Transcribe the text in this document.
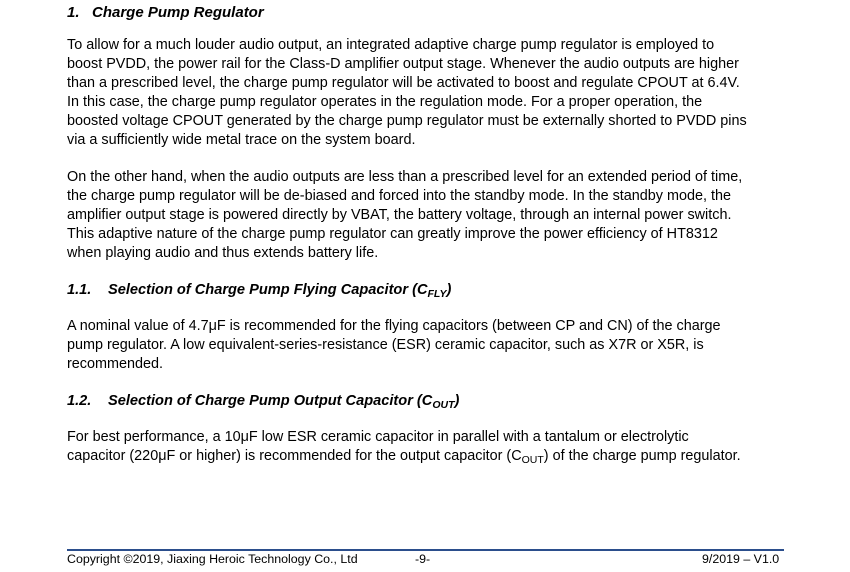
1. Charge Pump Regulator
To allow for a much louder audio output, an integrated adaptive charge pump regulator is employed to
boost PVDD, the power rail for the Class-D amplifier output stage. Whenever the audio outputs are higher
than a prescribed level, the charge pump regulator will be activated to boost and regulate CPOUT at 6.4V.
In this case, the charge pump regulator operates in the regulation mode. For a proper operation, the
boosted voltage CPOUT generated by the charge pump regulator must be externally shorted to PVDD pins
via a sufficiently wide metal trace on the system board.
On the other hand, when the audio outputs are less than a prescribed level for an extended period of time,
the charge pump regulator will be de-biased and forced into the standby mode. In the standby mode, the
amplifier output stage is powered directly by VBAT, the battery voltage, through an internal power switch.
This adaptive nature of the charge pump regulator can greatly improve the power efficiency of HT8312
when playing audio and thus extends battery life.
1.1. Selection of Charge Pump Flying Capacitor $(C_{FLY})$
A nominal value of 4.7μF is recommended for the flying capacitors (between CP and CN) of the charge
pump regulator. A low equivalent-series-resistance (ESR) ceramic capacitor, such as X7R or X5R, is
recommended.
1.2. Selection of Charge Pump Output Capacitor $(C_{OUT})$
For best performance, a 10μF low ESR ceramic capacitor in parallel with a tantalum or electrolytic
capacitor (220μF or higher) is recommended for the output capacitor $(C_{OUT})$ of the charge pump regulator.
Copyright ©2019, Jiaxing Heroic Technology Co., Ltd	-9-	9/2019 – V1.0
